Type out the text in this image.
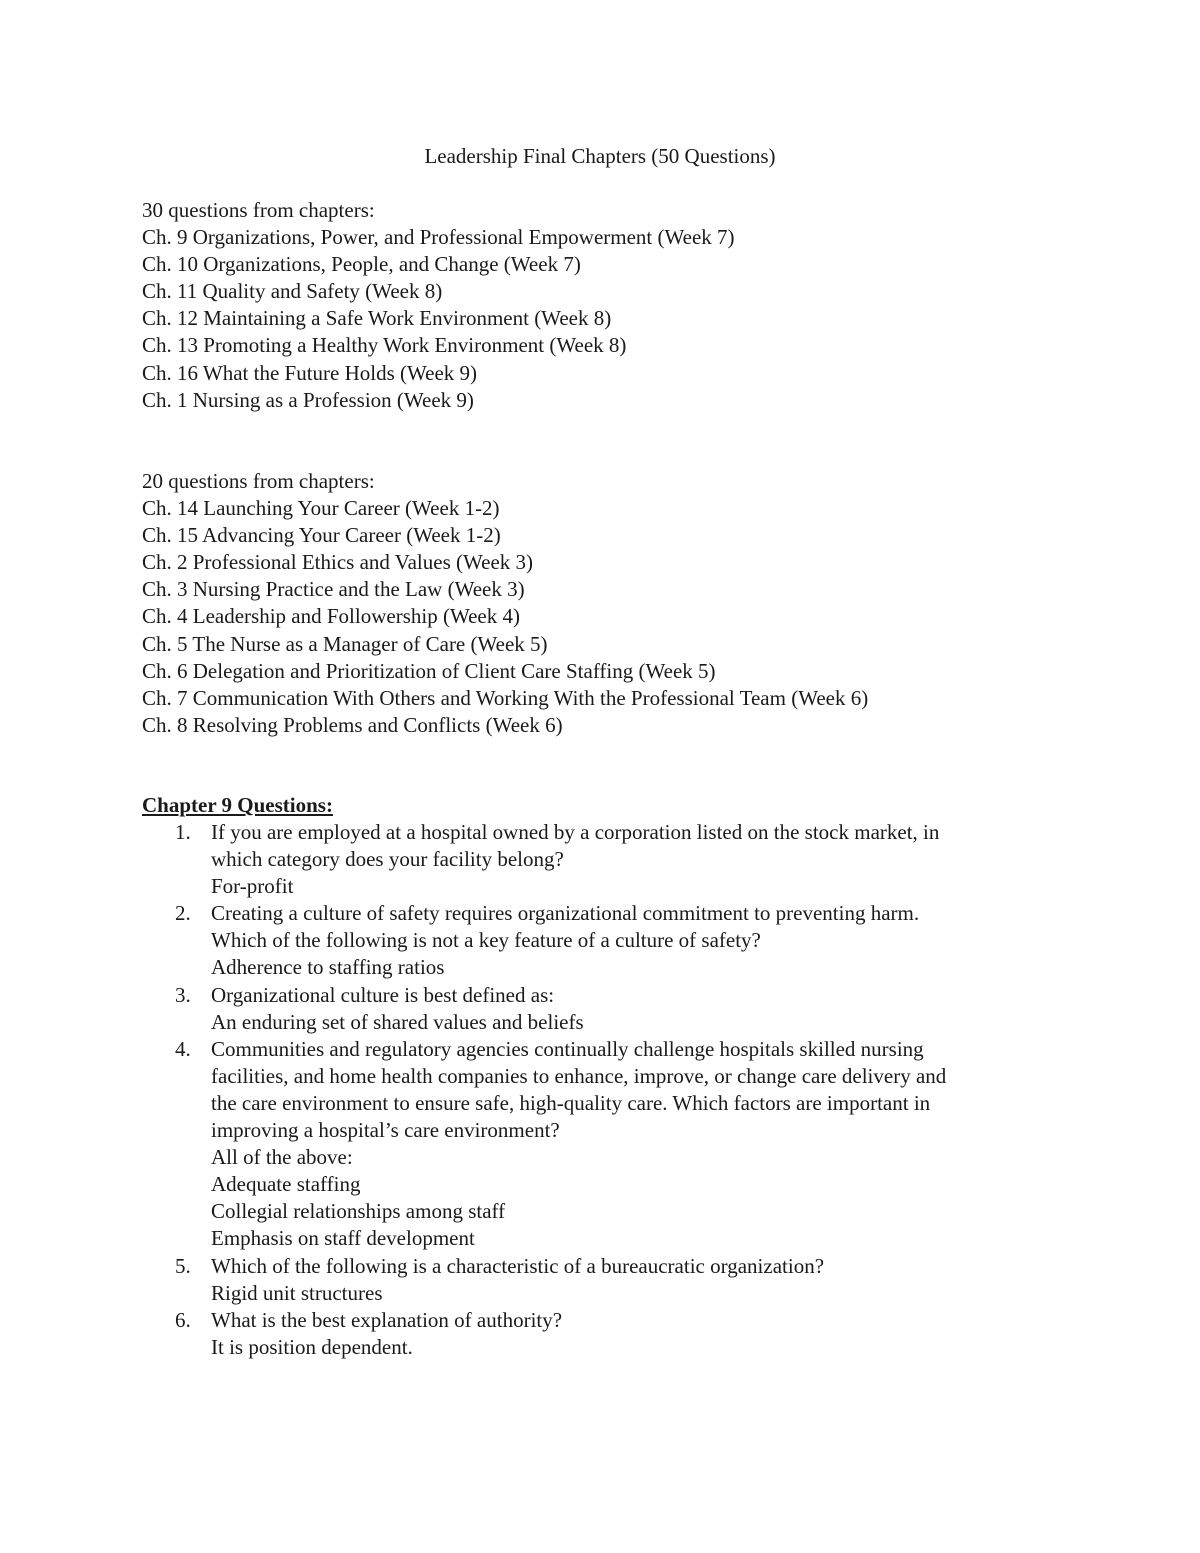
Leadership Final Chapters (50 Questions)
30 questions from chapters:
Ch. 9 Organizations, Power, and Professional Empowerment (Week 7)
Ch. 10 Organizations, People, and Change (Week 7)
Ch. 11 Quality and Safety (Week 8)
Ch. 12 Maintaining a Safe Work Environment (Week 8)
Ch. 13 Promoting a Healthy Work Environment (Week 8)
Ch. 16 What the Future Holds (Week 9)
Ch. 1 Nursing as a Profession (Week 9)
20 questions from chapters:
Ch. 14 Launching Your Career (Week 1-2)
Ch. 15 Advancing Your Career (Week 1-2)
Ch. 2 Professional Ethics and Values (Week 3)
Ch. 3 Nursing Practice and the Law (Week 3)
Ch. 4 Leadership and Followership (Week 4)
Ch. 5 The Nurse as a Manager of Care (Week 5)
Ch. 6 Delegation and Prioritization of Client Care Staffing (Week 5)
Ch. 7 Communication With Others and Working With the Professional Team (Week 6)
Ch. 8 Resolving Problems and Conflicts (Week 6)
Chapter 9 Questions:
1. If you are employed at a hospital owned by a corporation listed on the stock market, in
which category does your facility belong?
For-profit
2. Creating a culture of safety requires organizational commitment to preventing harm.
Which of the following is not a key feature of a culture of safety?
Adherence to staffing ratios
3. Organizational culture is best defined as:
An enduring set of shared values and beliefs
4. Communities and regulatory agencies continually challenge hospitals skilled nursing
facilities, and home health companies to enhance, improve, or change care delivery and
the care environment to ensure safe, high-quality care. Which factors are important in
improving a hospital’s care environment?
All of the above:
Adequate staffing
Collegial relationships among staff
Emphasis on staff development
5. Which of the following is a characteristic of a bureaucratic organization?
Rigid unit structures
6. What is the best explanation of authority?
It is position dependent.
